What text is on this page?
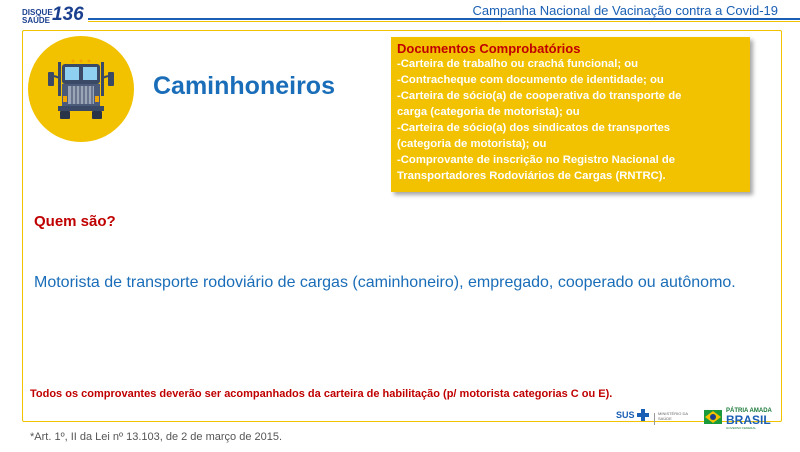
DISQUE
SAÚDE 136	Campanha Nacional de Vacinação contra a Covid-19
Caminhoneiros
Documentos Comprobatórios
-Carteira de trabalho ou crachá funcional; ou
-Contracheque com documento de identidade; ou
-Carteira de sócio(a) de cooperativa do transporte de
carga (categoria de motorista); ou
-Carteira de sócio(a) dos sindicatos de transportes
(categoria de motorista); ou
-Comprovante de inscrição no Registro Nacional de
Transportadores Rodoviários de Cargas (RNTRC).
Quem são?
Motorista de transporte rodoviário de cargas (caminhoneiro), empregado, cooperado ou autônomo.
Todos os comprovantes deverão ser acompanhados da carteira de habilitação (p/ motorista categorias C ou E).
*Art. 1º, II da Lei nº 13.103, de 2 de março de 2015.
SUS	MINISTÉRIO DA SAÚDE
PÁTRIA AMADA
BRASIL
GOVERNO FEDERAL
